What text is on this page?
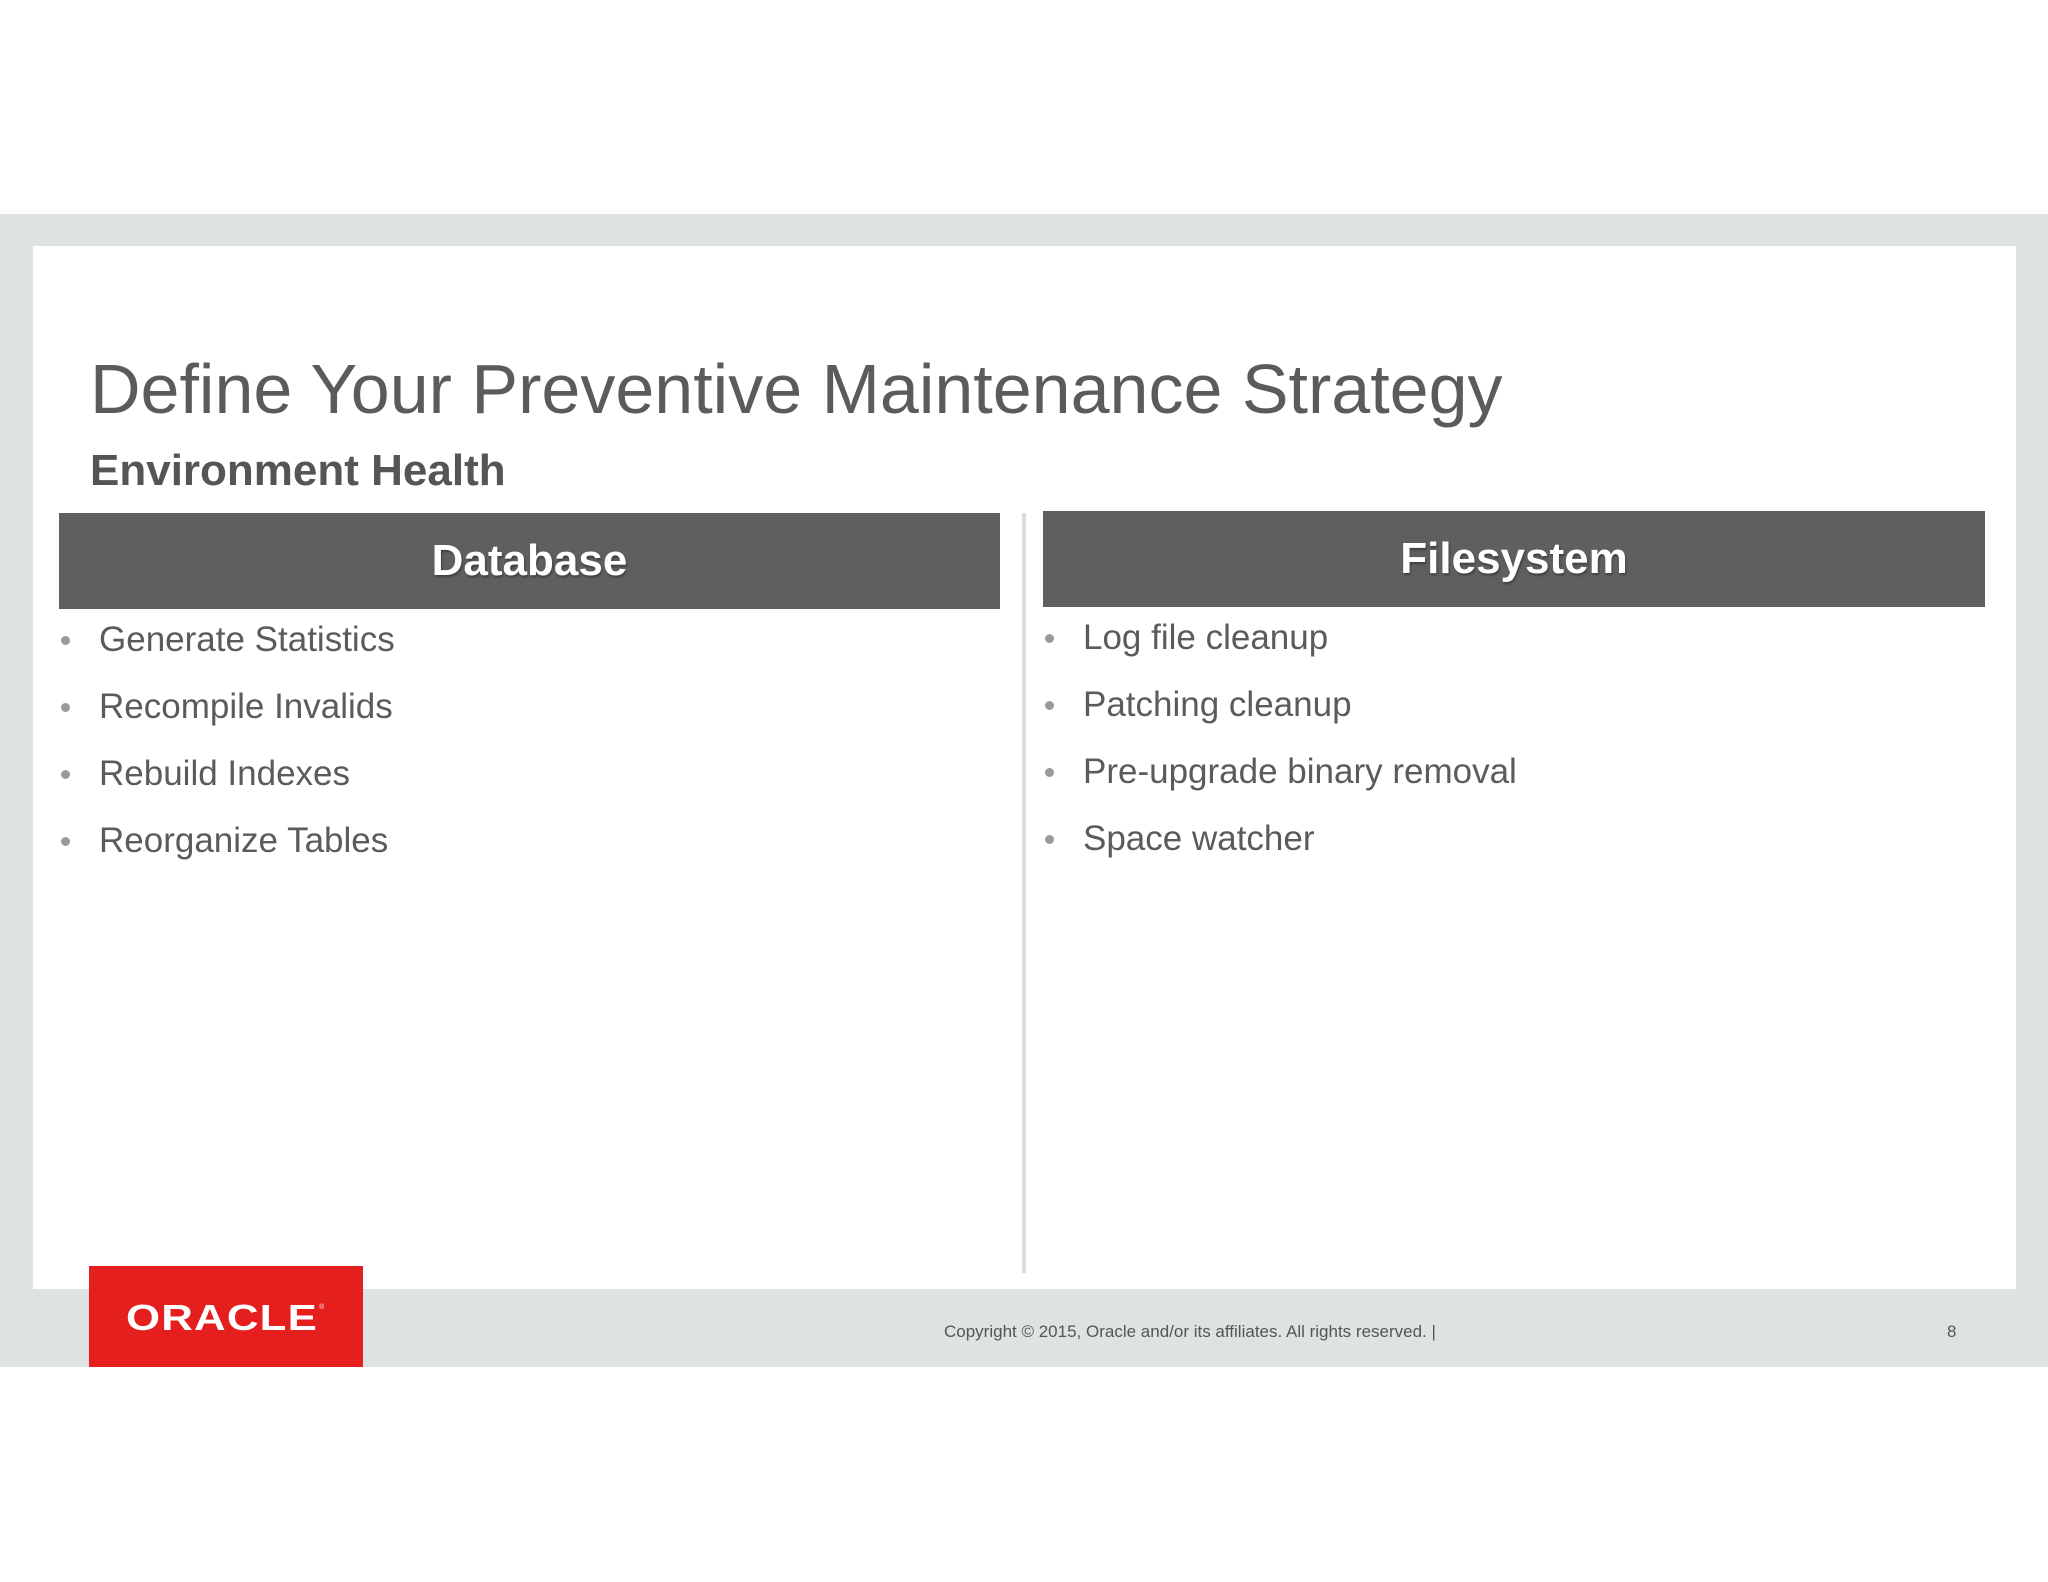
Define Your Preventive Maintenance Strategy
Environment Health
Database	Filesystem
Generate Statistics
Recompile Invalids
Rebuild Indexes
Reorganize Tables
Log file cleanup
Patching cleanup
Pre-upgrade binary removal
Space watcher
ORACLE ®
Copyright © 2015, Oracle and/or its affiliates. All rights reserved. |	8
